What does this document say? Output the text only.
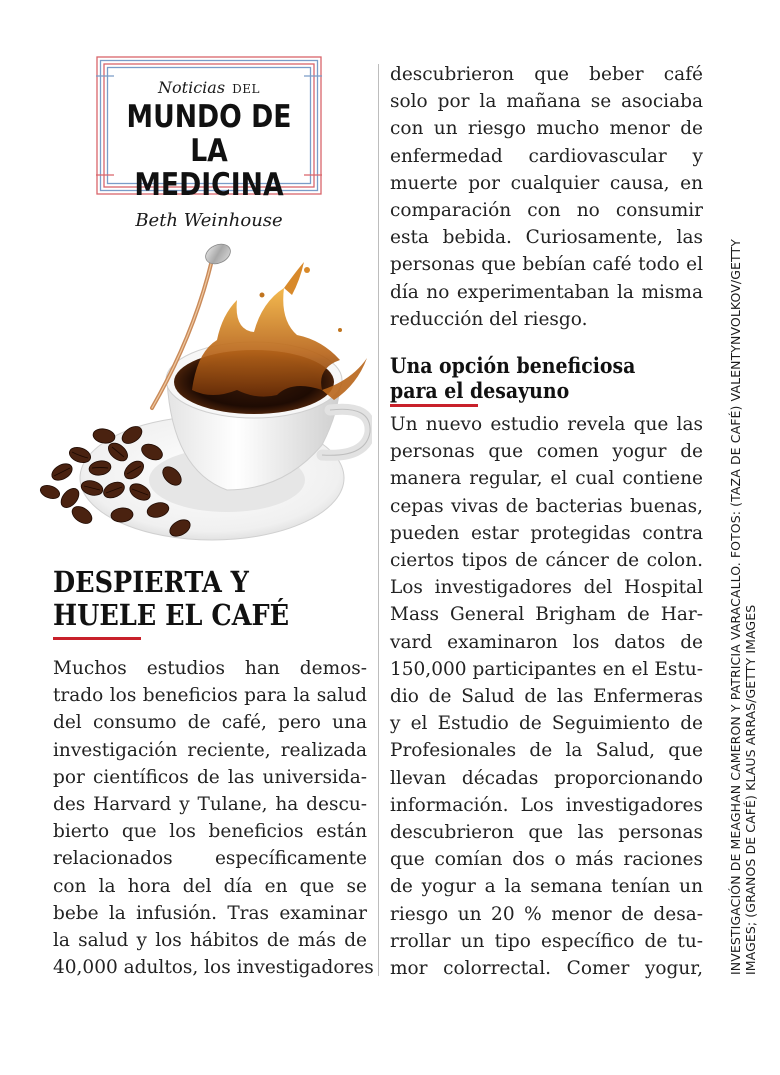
Noticias DEL
MUNDO DE
LA MEDICINA
Beth Weinhouse
DESPIERTA Y
HUELE EL CAFÉ
Muchos estudios han demos-
trado los beneficios para la salud
del consumo de café, pero una
investigación reciente, realizada
por científicos de las universida-
des Harvard y Tulane, ha descu-
bierto que los beneficios están
relacionados específicamente
con la hora del día en que se
bebe la infusión. Tras examinar
la salud y los hábitos de más de
40,000 adultos, los investigadores
descubrieron que beber café
solo por la mañana se asociaba
con un riesgo mucho menor de
enfermedad cardiovascular y
muerte por cualquier causa, en
comparación con no consumir
esta bebida. Curiosamente, las
personas que bebían café todo el
día no experimentaban la misma
reducción del riesgo.
Una opción beneficiosa
para el desayuno
Un nuevo estudio revela que las
personas que comen yogur de
manera regular, el cual contiene
cepas vivas de bacterias buenas,
pueden estar protegidas contra
ciertos tipos de cáncer de colon.
Los investigadores del Hospital
Mass General Brigham de Har-
vard examinaron los datos de
150,000 participantes en el Estu-
dio de Salud de las Enfermeras
y el Estudio de Seguimiento de
Profesionales de la Salud, que
llevan décadas proporcionando
información. Los investigadores
descubrieron que las personas
que comían dos o más raciones
de yogur a la semana tenían un
riesgo un 20 % menor de desa-
rrollar un tipo específico de tu-
mor colorrectal. Comer yogur, INVESTIGACIÓN DE MEAGHAN CAMERON Y PATRICIA VARACALLO. FOTOS: (TAZA DE CAFÉ) VALENTYNVOLKOV/GETTY IMAGES; (GRANOS DE CAFÉ) KLAUS ARRAS/GETTY IMAGES
